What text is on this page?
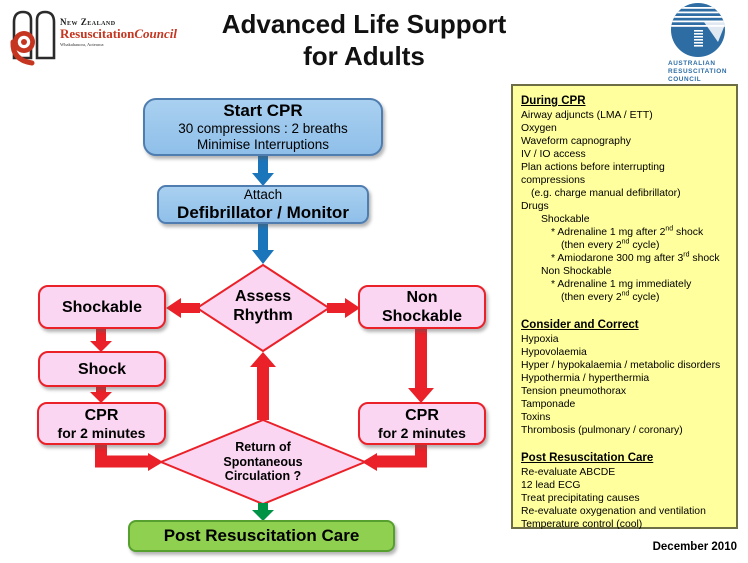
New Zealand
ResuscitationCouncil
Whakahauora, Aotearoa
Advanced Life Support
for Adults	AUSTRALIAN
RESUSCITATION
COUNCIL
Start CPR
30 compressions : 2 breaths
Minimise Interruptions
Attach
Defibrillator / Monitor
Assess
Rhythm
Shockable
Shock
CPR
for 2 minutes
Non
Shockable
CPR
for 2 minutes
Return of
Spontaneous
Circulation ?
Post Resuscitation Care
During CPR
Airway adjuncts (LMA / ETT)
Oxygen
Waveform capnography
IV / IO access
Plan actions before interrupting compressions
(e.g. charge manual defibrillator)
Drugs
Shockable
* Adrenaline 1 mg after 2nd shock
(then every 2nd cycle)
* Amiodarone 300 mg after 3rd shock
Non Shockable
* Adrenaline 1 mg immediately
(then every 2nd cycle)
Consider and Correct
Hypoxia
Hypovolaemia
Hyper / hypokalaemia / metabolic disorders
Hypothermia / hyperthermia
Tension pneumothorax
Tamponade
Toxins
Thrombosis (pulmonary / coronary)
Post Resuscitation Care
Re-evaluate ABCDE
12 lead ECG
Treat precipitating causes
Re-evaluate oxygenation and ventilation
Temperature control (cool)
December 2010
